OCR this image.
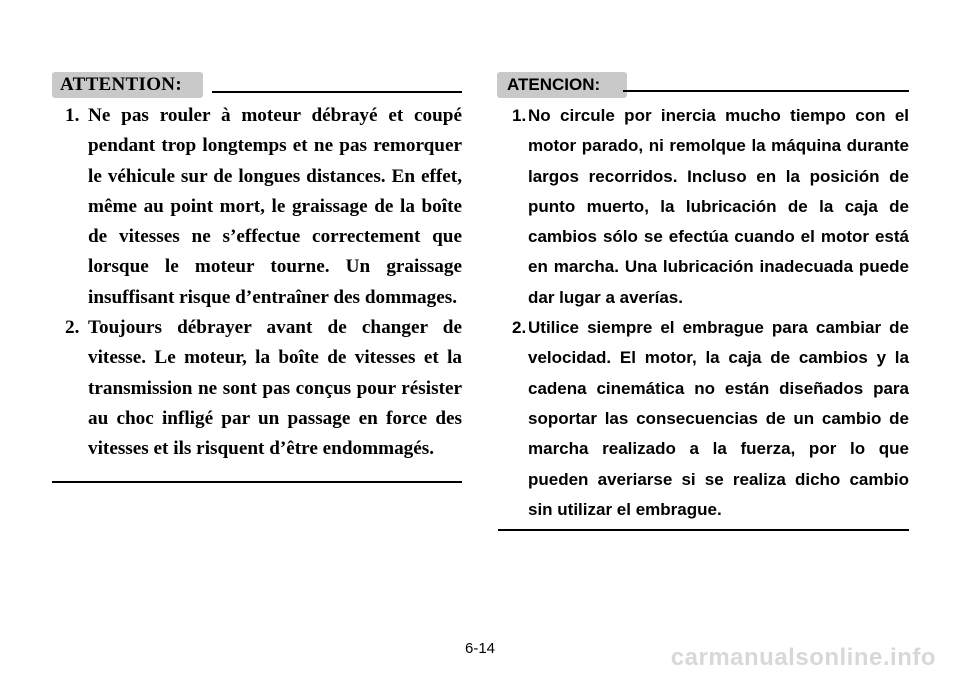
ATTENTION:
1. Ne pas rouler à moteur débrayé et coupé pendant trop longtemps et ne pas remorquer le véhicule sur de longues distances. En effet, même au point mort, le graissage de la boîte de vitesses ne s’effectue correctement que lorsque le moteur tourne. Un graissage insuffisant risque d’entraîner des dommages.
2. Toujours débrayer avant de changer de vitesse. Le moteur, la boîte de vitesses et la transmission ne sont pas conçus pour résister au choc infligé par un passage en force des vitesses et ils risquent d’être endommagés.
ATENCION:
1. No circule por inercia mucho tiempo con el motor parado, ni remolque la máquina durante largos recorridos. Incluso en la posición de punto muerto, la lubricación de la caja de cambios sólo se efectúa cuando el motor está en marcha. Una lubricación inadecuada puede dar lugar a averías.
2. Utilice siempre el embrague para cambiar de velocidad. El motor, la caja de cambios y la cadena cinemática no están diseñados para soportar las consecuencias de un cambio de marcha realizado a la fuerza, por lo que pueden averiarse si se realiza dicho cambio sin utilizar el embrague.
6-14	carmanualsonline.info
